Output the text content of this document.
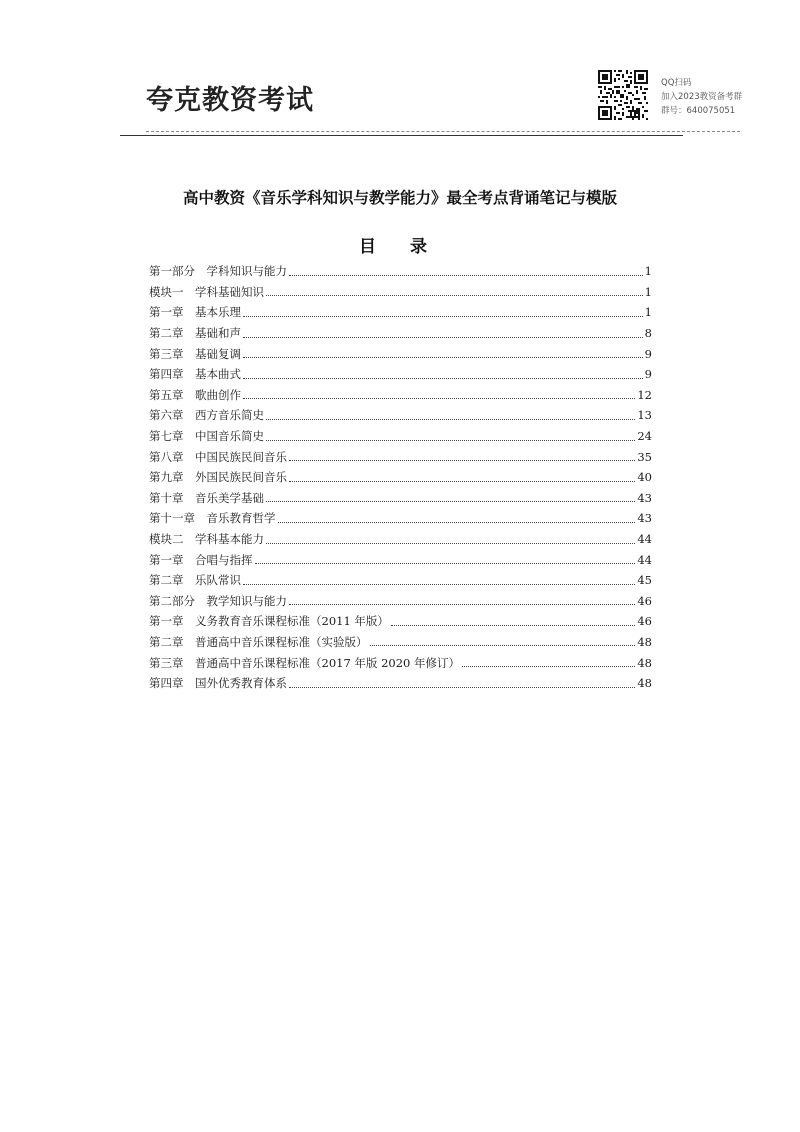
夸克教资考试
QQ扫码
加入2023教资备考群
群号：640075051
高中教资《音乐学科知识与教学能力》最全考点背诵笔记与模版
目 录
第一部分　学科知识与能力	1
模块一　学科基础知识	1
第一章　基本乐理	1
第二章　基础和声	8
第三章　基础复调	9
第四章　基本曲式	9
第五章　歌曲创作	12
第六章　西方音乐简史	13
第七章　中国音乐简史	24
第八章　中国民族民间音乐	35
第九章　外国民族民间音乐	40
第十章　音乐美学基础	43
第十一章　音乐教育哲学	43
模块二　学科基本能力	44
第一章　合唱与指挥	44
第二章　乐队常识	45
第二部分　教学知识与能力	46
第一章　义务教育音乐课程标准（2011 年版）	46
第二章　普通高中音乐课程标准（实验版）	48
第三章　普通高中音乐课程标准（2017 年版 2020 年修订）	48
第四章　国外优秀教育体系	48
